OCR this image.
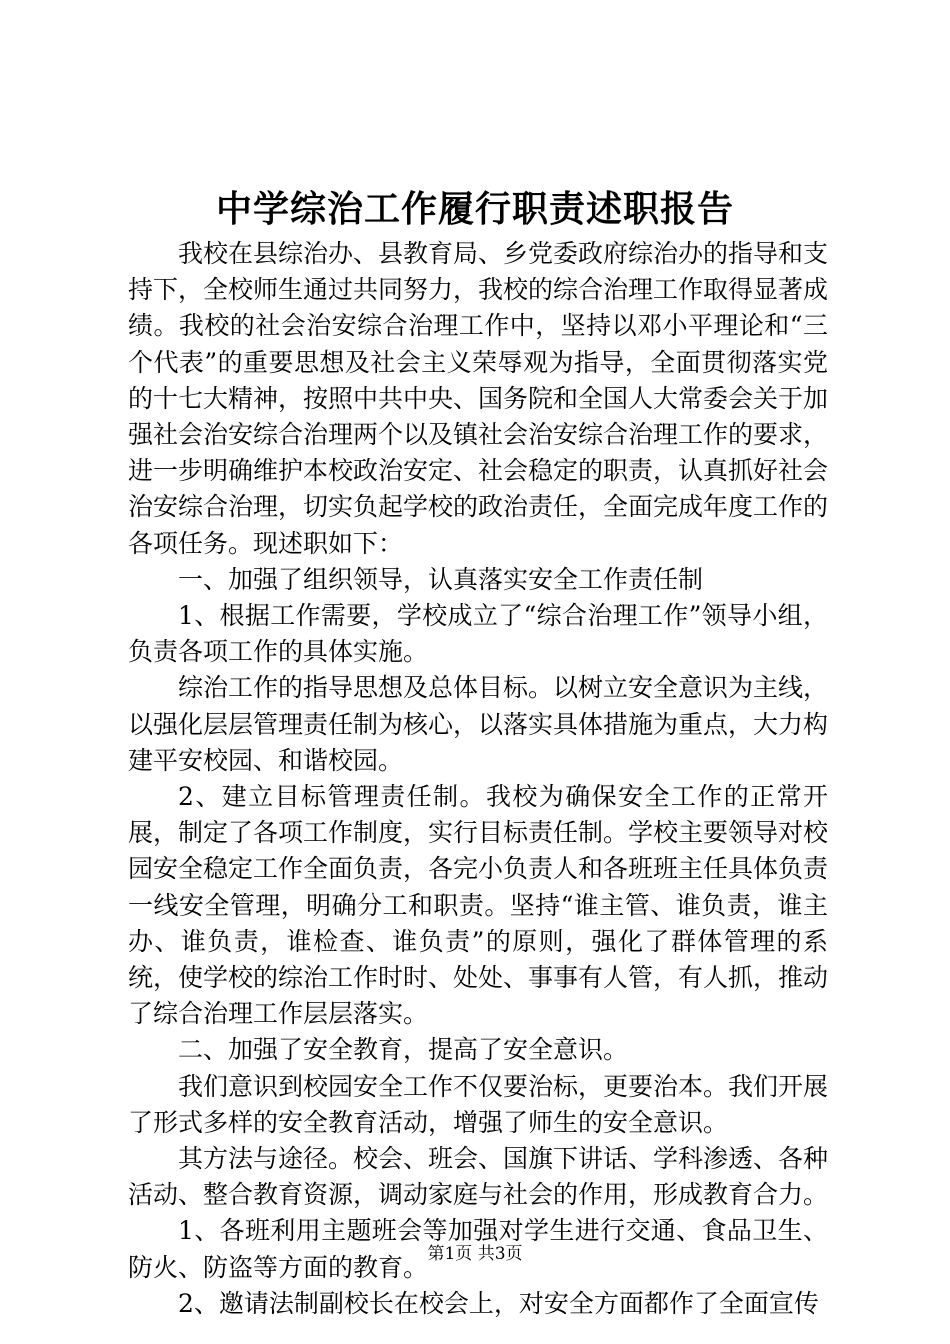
中学综治工作履行职责述职报告

我校在县综治办、县教育局、乡党委政府综治办的指导和支持下，全校师生通过共同努力，我校的综合治理工作取得显著成绩。我校的社会治安综合治理工作中，坚持以邓小平理论和“三个代表”的重要思想及社会主义荣辱观为指导，全面贯彻落实党的十七大精神，按照中共中央、国务院和全国人大常委会关于加强社会治安综合治理两个以及镇社会治安综合治理工作的要求，进一步明确维护本校政治安定、社会稳定的职责，认真抓好社会治安综合治理，切实负起学校的政治责任，全面完成年度工作的各项任务。现述职如下：

一、加强了组织领导，认真落实安全工作责任制

1、根据工作需要，学校成立了“综合治理工作”领导小组，负责各项工作的具体实施。

综治工作的指导思想及总体目标。以树立安全意识为主线，以强化层层管理责任制为核心，以落实具体措施为重点，大力构建平安校园、和谐校园。

2、建立目标管理责任制。我校为确保安全工作的正常开展，制定了各项工作制度，实行目标责任制。学校主要领导对校园安全稳定工作全面负责，各完小负责人和各班班主任具体负责一线安全管理，明确分工和职责。坚持“谁主管、谁负责，谁主办、谁负责，谁检查、谁负责”的原则，强化了群体管理的系统，使学校的综治工作时时、处处、事事有人管，有人抓，推动了综合治理工作层层落实。

二、加强了安全教育，提高了安全意识。

我们意识到校园安全工作不仅要治标，更要治本。我们开展了形式多样的安全教育活动，增强了师生的安全意识。

其方法与途径。校会、班会、国旗下讲话、学科渗透、各种活动、整合教育资源，调动家庭与社会的作用，形成教育合力。

1、各班利用主题班会等加强对学生进行交通、食品卫生、防火、防盗等方面的教育。

2、邀请法制副校长在校会上，对安全方面都作了全面宣传

第1页 共3页
